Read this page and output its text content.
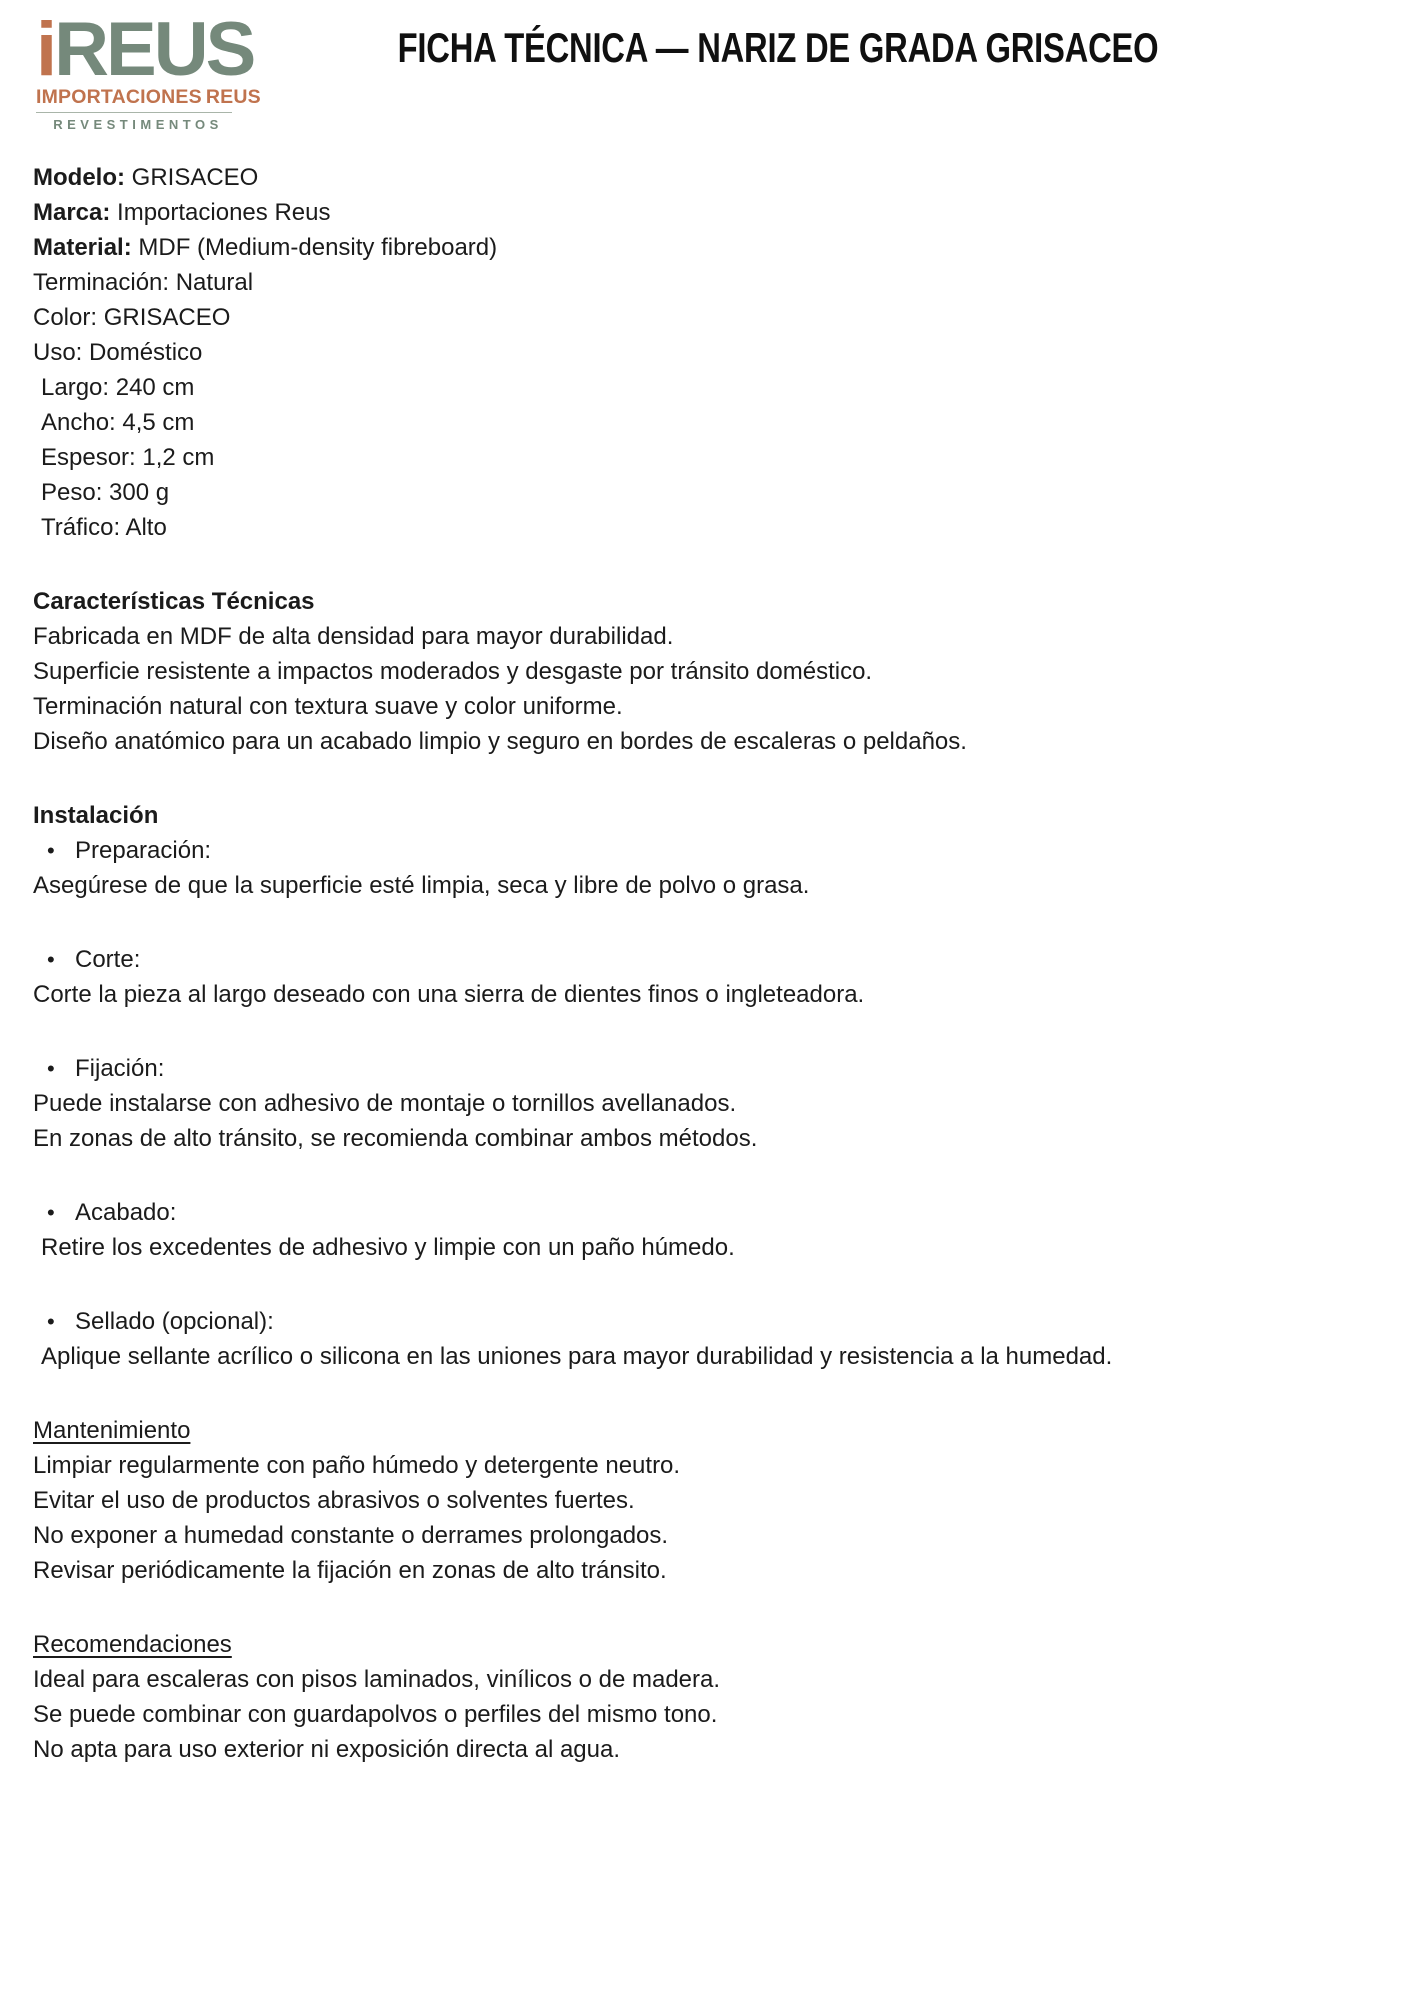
iREUS
IMPORTACIONES REUS
REVESTIMENTOS
FICHA TÉCNICA — NARIZ DE GRADA GRISACEO

Modelo: GRISACEO

Marca: Importaciones Reus

Material: MDF (Medium-density fibreboard)

Terminación: Natural

Color: GRISACEO

Uso: Doméstico

Largo: 240 cm

Ancho: 4,5 cm

Espesor: 1,2 cm

Peso: 300 g

Tráfico: Alto

Características Técnicas

Fabricada en MDF de alta densidad para mayor durabilidad.

Superficie resistente a impactos moderados y desgaste por tránsito doméstico.

Terminación natural con textura suave y color uniforme.

Diseño anatómico para un acabado limpio y seguro en bordes de escaleras o peldaños.

Instalación

• Preparación:

Asegúrese de que la superficie esté limpia, seca y libre de polvo o grasa.

• Corte:

Corte la pieza al largo deseado con una sierra de dientes finos o ingleteadora.

• Fijación:

Puede instalarse con adhesivo de montaje o tornillos avellanados.

En zonas de alto tránsito, se recomienda combinar ambos métodos.

• Acabado:

Retire los excedentes de adhesivo y limpie con un paño húmedo.

• Sellado (opcional):

Aplique sellante acrílico o silicona en las uniones para mayor durabilidad y resistencia a la humedad.

Mantenimiento

Limpiar regularmente con paño húmedo y detergente neutro.

Evitar el uso de productos abrasivos o solventes fuertes.

No exponer a humedad constante o derrames prolongados.

Revisar periódicamente la fijación en zonas de alto tránsito.

Recomendaciones

Ideal para escaleras con pisos laminados, vinílicos o de madera.

Se puede combinar con guardapolvos o perfiles del mismo tono.

No apta para uso exterior ni exposición directa al agua.
